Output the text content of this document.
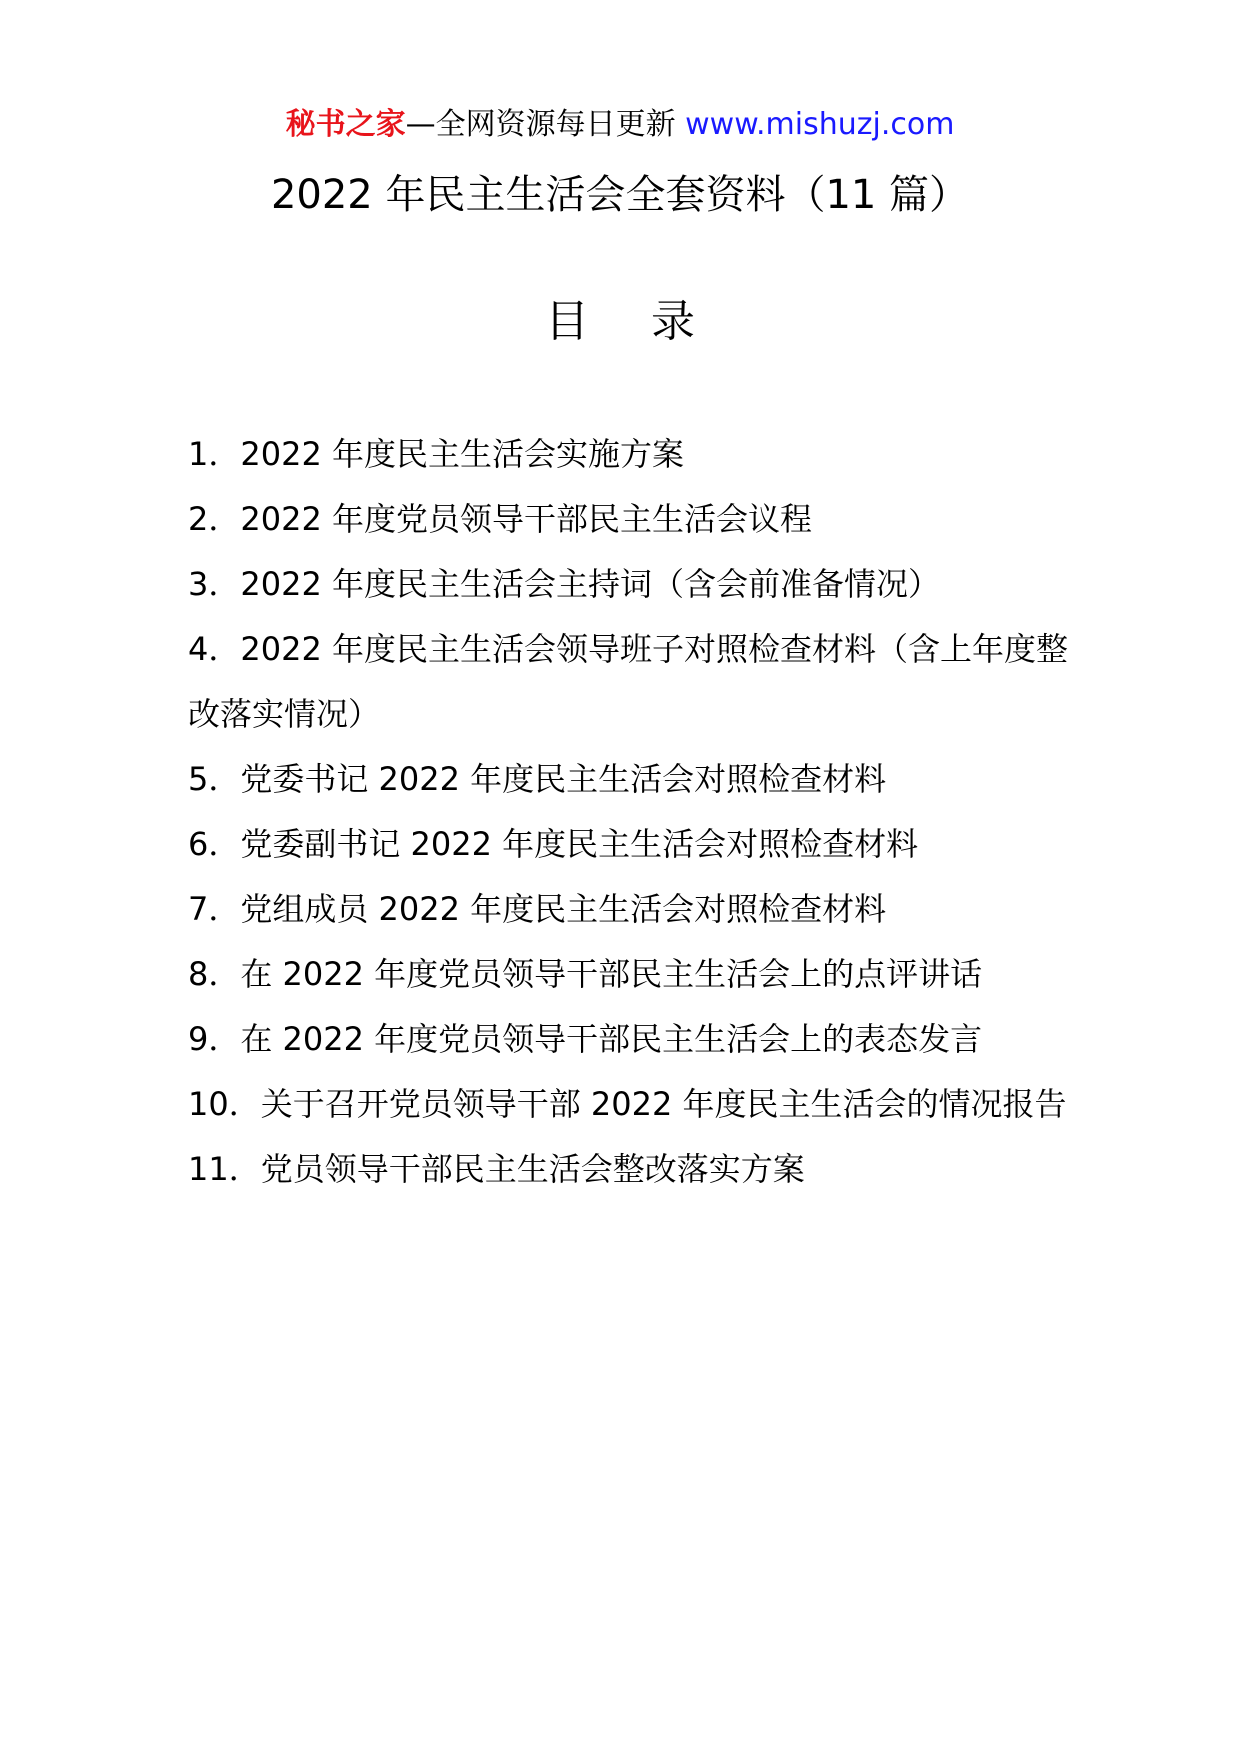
秘书之家—全网资源每日更新 www.mishuzj.com
2022 年民主生活会全套资料（11 篇）
目录
1．2022 年度民主生活会实施方案
2．2022 年度党员领导干部民主生活会议程
3．2022 年度民主生活会主持词（含会前准备情况）
4．2022 年度民主生活会领导班子对照检查材料（含上年度整改落实情况）
5．党委书记 2022 年度民主生活会对照检查材料
6．党委副书记 2022 年度民主生活会对照检查材料
7．党组成员 2022 年度民主生活会对照检查材料
8．在 2022 年度党员领导干部民主生活会上的点评讲话
9．在 2022 年度党员领导干部民主生活会上的表态发言
10．关于召开党员领导干部 2022 年度民主生活会的情况报告
11．党员领导干部民主生活会整改落实方案
